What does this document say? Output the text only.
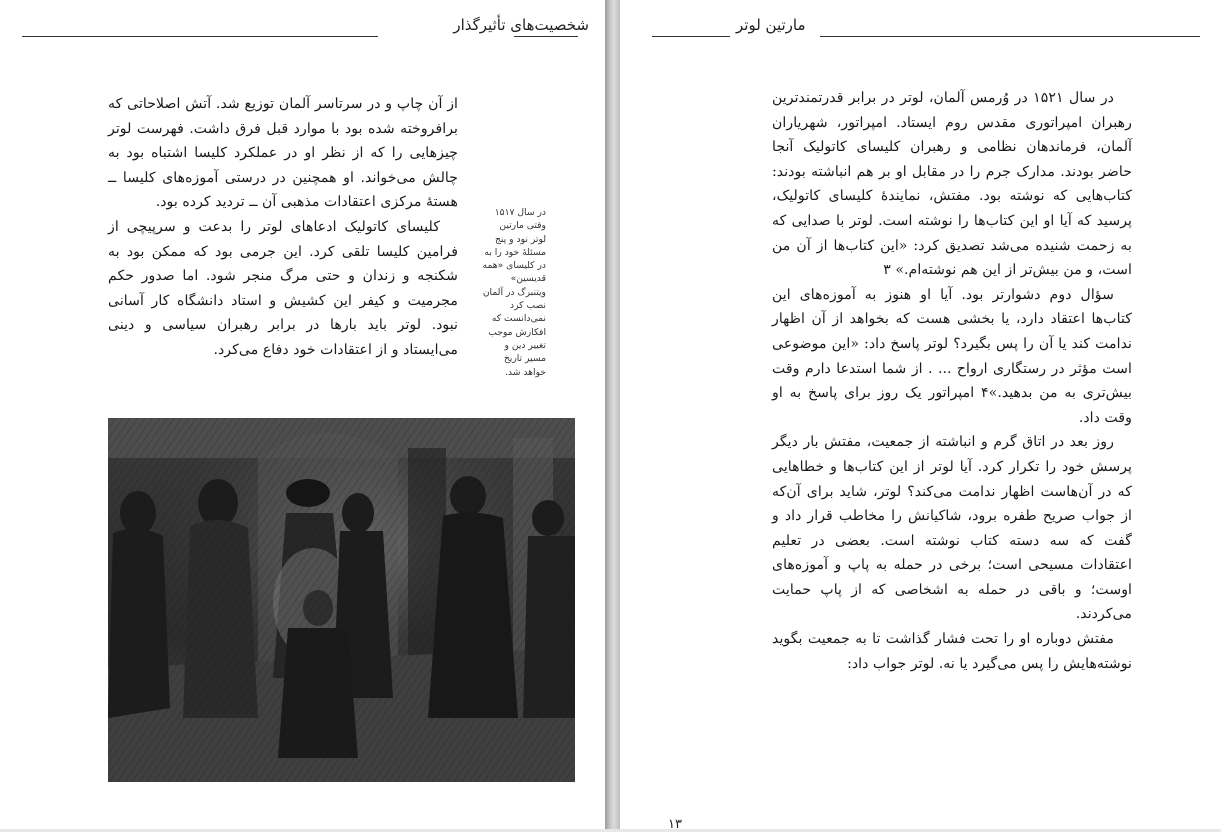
شخصیت‌های تأثیرگذار

از آن چاپ و در سرتاسر آلمان توزیع شد. آتش اصلاحاتی که برافروخته شده بود با موارد قبل فرق داشت. فهرست لوتر چیزهایی را که از نظر او در عملکرد کلیسا اشتباه بود به چالش می‌خواند. او همچنین در درستی آموزه‌های کلیسا ــ هستهٔ مرکزی اعتقادات مذهبی آن ــ تردید کرده بود.

کلیسای کاتولیک ادعاهای لوتر را بدعت و سرپیچی از فرامین کلیسا تلقی کرد. این جرمی بود که ممکن بود به شکنجه و زندان و حتی مرگ منجر شود. اما صدور حکم مجرمیت و کیفر این کشیش و استاد دانشگاه کار آسانی نبود. لوتر باید بارها در برابر رهبران سیاسی و دینی می‌ایستاد و از اعتقادات خود دفاع می‌کرد.

در سال ۱۵۱۷ وقتی مارتین لوتر نود و پنج مسئلهٔ خود را به در کلیسای «همه قدیسین» ویتنبرگ در آلمان نصب کرد نمی‌دانست که افکارش موجب تغییر دین و مسیر تاریخ خواهد شد.
مارتین لوتر

در سال ۱۵۲۱ در وُرمس آلمان، لوتر در برابر قدرتمندترین رهبران امپراتوری مقدس روم ایستاد. امپراتور، شهریاران آلمان، فرماندهان نظامی و رهبران کلیسای کاتولیک آنجا حاضر بودند. مدارک جرم را در مقابل او بر هم انباشته بودند: کتاب‌هایی که نوشته بود. مفتش، نمایندهٔ کلیسای کاتولیک، پرسید که آیا او این کتاب‌ها را نوشته است. لوتر با صدایی که به زحمت شنیده می‌شد تصدیق کرد: «این کتاب‌ها از آن من است، و من بیش‌تر از این هم نوشته‌ام.» ۳

سؤال دوم دشوارتر بود. آیا او هنوز به آموزه‌های این کتاب‌ها اعتقاد دارد، یا بخشی هست که بخواهد از آن اظهار ندامت کند یا آن را پس بگیرد؟ لوتر پاسخ داد: «این موضوعی است مؤثر در رستگاری ارواح ... . از شما استدعا دارم وقت بیش‌تری به من بدهید.»۴ امپراتور یک روز برای پاسخ به او وقت داد.

روز بعد در اتاق گرم و انباشته از جمعیت، مفتش بار دیگر پرسش خود را تکرار کرد. آیا لوتر از این کتاب‌ها و خطاهایی که در آن‌هاست اظهار ندامت می‌کند؟ لوتر، شاید برای آن‌که از جواب صریح طفره برود، شاکیانش را مخاطب قرار داد و گفت که سه دسته کتاب نوشته است. بعضی در تعلیم اعتقادات مسیحی است؛ برخی در حمله به پاپ و آموزه‌های اوست؛ و باقی در حمله به اشخاصی که از پاپ حمایت می‌کردند.

مفتش دوباره او را تحت فشار گذاشت تا به جمعیت بگوید نوشته‌هایش را پس می‌گیرد یا نه. لوتر جواب داد:

۱۳
